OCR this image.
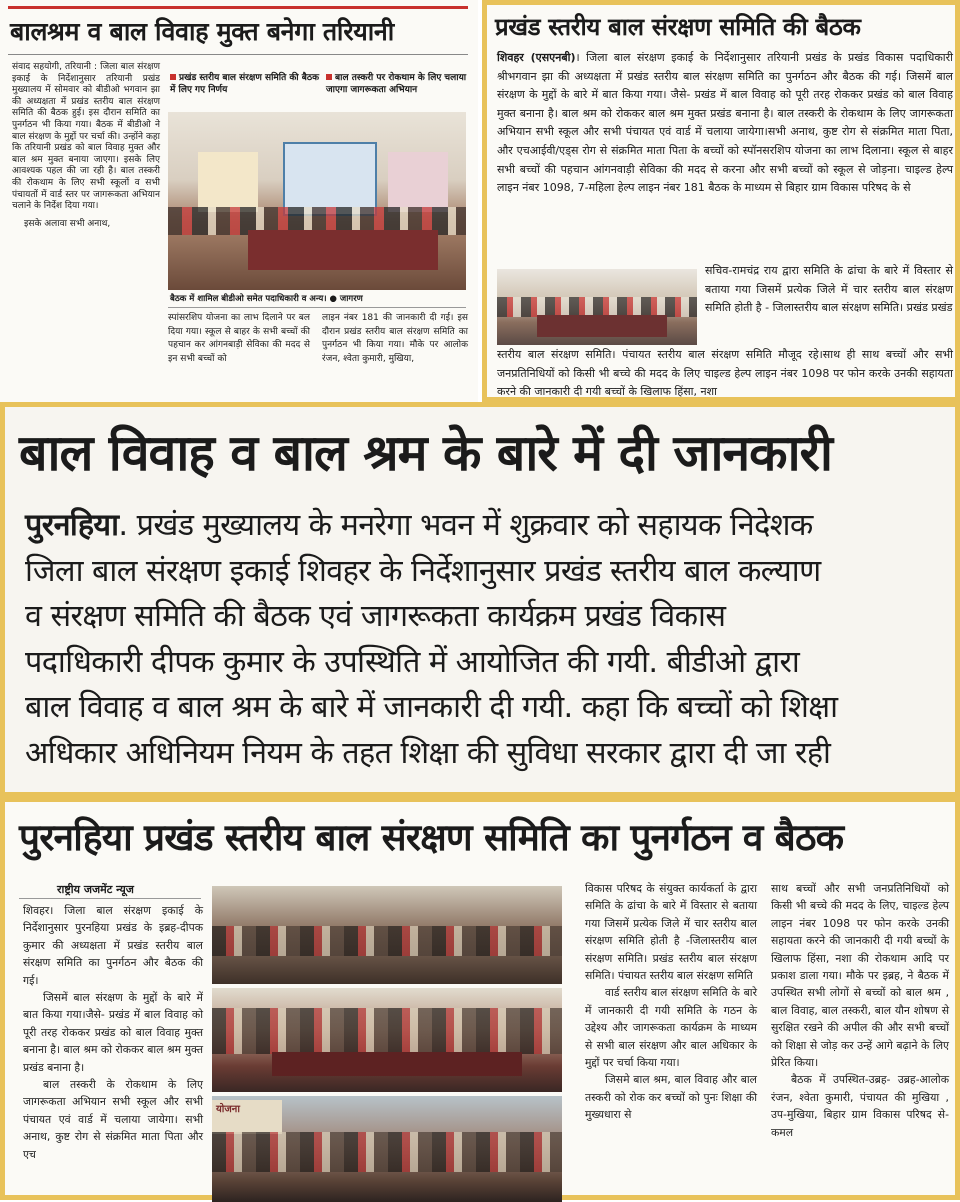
बालश्रम व बाल विवाह मुक्त बनेगा तरियानी

संवाद सहयोगी, तरियानी : जिला बाल संरक्षण इकाई के निर्देशानुसार तरियानी प्रखंड मुख्यालय में सोमवार को बीडीओ भगवान झा की अध्यक्षता में प्रखंड स्तरीय बाल संरक्षण समिति की बैठक हुई। इस दौरान समिति का पुनर्गठन भी किया गया। बैठक में बीडीओ ने बाल संरक्षण के मुद्दों पर चर्चा की। उन्होंने कहा कि तरियानी प्रखंड को बाल विवाह मुक्त और बाल श्रम मुक्त बनाया जाएगा। इसके लिए आवश्यक पहल की जा रही है। बाल तस्करी की रोकथाम के लिए सभी स्कूलों व सभी पंचायतों में वार्ड स्तर पर जागरूकता अभियान चलाने के निर्देश दिया गया।

इसके अलावा सभी अनाथ,

प्रखंड स्तरीय बाल संरक्षण समिति की बैठक में लिए गए निर्णय
बाल तस्करी पर रोकथाम के लिए चलाया जाएगा जागरूकता अभियान
बैठक में शामिल बीडीओ समेत पदाधिकारी व अन्य। ● जागरण
स्पांसरशिप योजना का लाभ दिलाने पर बल दिया गया। स्कूल से बाहर के सभी बच्चों की पहचान कर आंगनबाड़ी सेविका की मदद से इन सभी बच्चों को
लाइन नंबर 181 की जानकारी दी गई। इस दौरान प्रखंड स्तरीय बाल संरक्षण समिति का पुनर्गठन भी किया गया। मौके पर आलोक रंजन, श्वेता कुमारी, मुखिया,
प्रखंड स्तरीय बाल संरक्षण समिति की बैठक
शिवहर (एसएनबी)। जिला बाल संरक्षण इकाई के निर्देशानुसार तरियानी प्रखंड के प्रखंड विकास पदाधिकारी श्रीभगवान झा की अध्यक्षता में प्रखंड स्तरीय बाल संरक्षण समिति का पुनर्गठन और बैठक की गई। जिसमें बाल संरक्षण के मुद्दों के बारे में बात किया गया। जैसे- प्रखंड में बाल विवाह को पूरी तरह रोककर प्रखंड को बाल विवाह मुक्त बनाना है। बाल श्रम को रोककर बाल श्रम मुक्त प्रखंड बनाना है। बाल तस्करी के रोकथाम के लिए जागरूकता अभियान सभी स्कूल और सभी पंचायत एवं वार्ड में चलाया जायेगा।सभी अनाथ, कुष्ट रोग से संक्रमित माता पिता, और एचआईवी/एड्स रोग से संक्रमित माता पिता के बच्चों को स्पॉनसरशिप योजना का लाभ दिलाना। स्कूल से बाहर सभी बच्चों की पहचान आंगनवाड़ी सेविका की मदद से करना और सभी बच्चों को स्कूल से जोड़ना। चाइल्ड हेल्प लाइन नंबर 1098, 7-महिला हेल्प लाइन नंबर 181 बैठक के माध्यम से बिहार ग्राम विकास परिषद के से
सचिव-रामचंद्र राय द्वारा समिति के ढांचा के बारे में विस्तार से बताया गया जिसमें प्रत्येक जिले में चार स्तरीय बाल संरक्षण समिति होती है - जिलास्तरीय बाल संरक्षण समिति। प्रखंड प्रखंड
स्तरीय बाल संरक्षण समिति। पंचायत स्तरीय बाल संरक्षण समिति मौजूद रहे।साथ ही साथ बच्चों और सभी जनप्रतिनिधियों को किसी भी बच्चे की मदद के लिए चाइल्ड हेल्प लाइन नंबर 1098 पर फोन करके उनकी सहायता करने की जानकारी दी गयी बच्चों के खिलाफ हिंसा, नशा
बाल विवाह व बाल श्रम के बारे में दी जानकारी
पुरनहिया. प्रखंड मुख्यालय के मनरेगा भवन में शुक्रवार को सहायक निदेशक
जिला बाल संरक्षण इकाई शिवहर के निर्देशानुसार प्रखंड स्तरीय बाल कल्याण
व संरक्षण समिति की बैठक एवं जागरूकता कार्यक्रम प्रखंड विकास
पदाधिकारी दीपक कुमार के उपस्थिति में आयोजित की गयी. बीडीओ द्वारा
बाल विवाह व बाल श्रम के बारे में जानकारी दी गयी. कहा कि बच्चों को शिक्षा
अधिकार अधिनियम नियम के तहत शिक्षा की सुविधा सरकार द्वारा दी जा रही
पुरनहिया प्रखंड स्तरीय बाल संरक्षण समिति का पुनर्गठन व बैठक
राष्ट्रीय जजमेंट न्यूज

शिवहर। जिला बाल संरक्षण इकाई के निर्देशानुसार पुरनहिया प्रखंड के इब्रह-दीपक कुमार की अध्यक्षता में प्रखंड स्तरीय बाल संरक्षण समिति का पुनर्गठन और बैठक की गई।

जिसमें बाल संरक्षण के मुद्दों के बारे में बात किया गया।जैसे- प्रखंड में बाल विवाह को पूरी तरह रोककर प्रखंड को बाल विवाह मुक्त बनाना है। बाल श्रम को रोककर बाल श्रम मुक्त प्रखंड बनाना है।

बाल तस्करी के रोकथाम के लिए जागरूकता अभियान सभी स्कूल और सभी पंचायत एवं वार्ड में चलाया जायेगा। सभी अनाथ, कुष्ट रोग से संक्रमित माता पिता और एच

योजना

विकास परिषद के संयुक्त कार्यकर्ता के द्वारा समिति के ढांचा के बारे में विस्तार से बताया गया जिसमें प्रत्येक जिले में चार स्तरीय बाल संरक्षण समिति होती है -जिलास्तरीय बाल संरक्षण समिति। प्रखंड स्तरीय बाल संरक्षण समिति। पंचायत स्तरीय बाल संरक्षण समिति

वार्ड स्तरीय बाल संरक्षण समिति के बारे में जानकारी दी गयी समिति के गठन के उद्देश्य और जागरूकता कार्यक्रम के माध्यम से सभी बाल संरक्षण और बाल अधिकार के मुद्दों पर चर्चा किया गया।

जिसमे बाल श्रम, बाल विवाह और बाल तस्करी को रोक कर बच्चों को पुनः शिक्षा की मुख्यधारा से

साथ बच्चों और सभी जनप्रतिनिधियों को किसी भी बच्चे की मदद के लिए, चाइल्ड हेल्प लाइन नंबर 1098 पर फोन करके उनकी सहायता करने की जानकारी दी गयी बच्चों के खिलाफ हिंसा, नशा की रोकथाम आदि पर प्रकाश डाला गया। मौके पर इब्रह, ने बैठक में उपस्थित सभी लोगों से बच्चों को बाल श्रम , बाल विवाह, बाल तस्करी, बाल यौन शोषण से सुरक्षित रखने की अपील की और सभी बच्चों को शिक्षा से जोड़ कर उन्हें आगे बढ़ाने के लिए प्रेरित किया।

बैठक में उपस्थित-उब्रह- उब्रह-आलोक रंजन, श्वेता कुमारी, पंचायत की मुखिया , उप-मुखिया, बिहार ग्राम विकास परिषद से-कमल
